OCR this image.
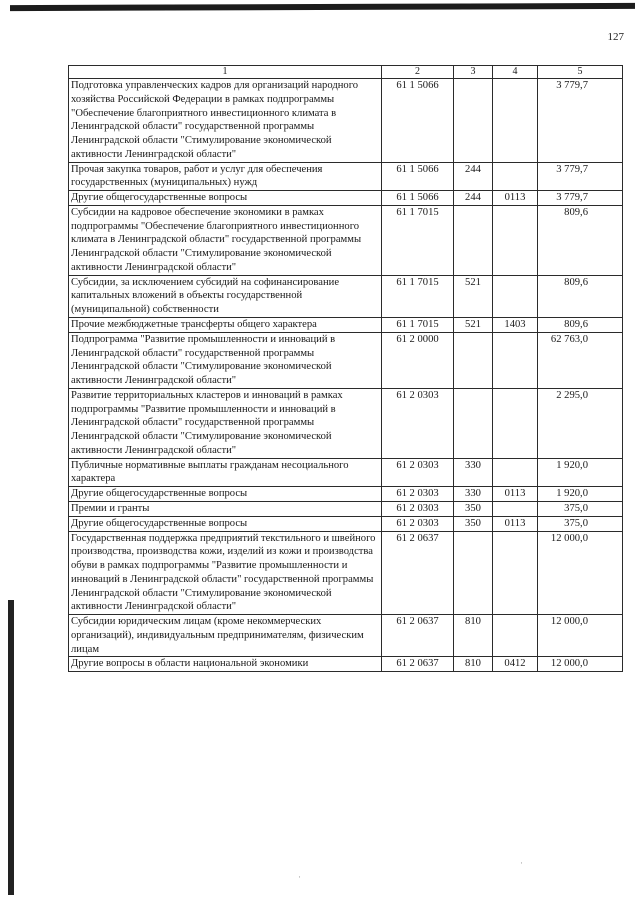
127
1	2	3	4	5
Подготовка управленческих кадров для организаций народного хозяйства Российской Федерации в рамках подпрограммы "Обеспечение благоприятного инвестиционного климата в Ленинградской области" государственной программы Ленинградской области "Стимулирование экономической активности Ленинградской области"	61 1 5066			3 779,7
Прочая закупка товаров, работ и услуг для обеспечения государственных (муниципальных) нужд	61 1 5066	244		3 779,7
Другие общегосударственные вопросы	61 1 5066	244	0113	3 779,7
Субсидии на кадровое обеспечение экономики в рамках подпрограммы "Обеспечение благоприятного инвестиционного климата в Ленинградской области" государственной программы Ленинградской области "Стимулирование экономической активности Ленинградской области"	61 1 7015			809,6
Субсидии, за исключением субсидий на софинансирование капитальных вложений в объекты государственной (муниципальной) собственности	61 1 7015	521		809,6
Прочие межбюджетные трансферты общего характера	61 1 7015	521	1403	809,6
Подпрограмма "Развитие промышленности и инноваций в Ленинградской области" государственной программы Ленинградской области "Стимулирование экономической активности Ленинградской области"	61 2 0000			62 763,0
Развитие территориальных кластеров и инноваций в рамках подпрограммы "Развитие промышленности и инноваций в Ленинградской области" государственной программы Ленинградской области "Стимулирование экономической активности Ленинградской области"	61 2 0303			2 295,0
Публичные нормативные выплаты гражданам несоциального характера	61 2 0303	330		1 920,0
Другие общегосударственные вопросы	61 2 0303	330	0113	1 920,0
Премии и гранты	61 2 0303	350		375,0
Другие общегосударственные вопросы	61 2 0303	350	0113	375,0
Государственная поддержка предприятий текстильного и швейного производства, производства кожи, изделий из кожи и производства обуви в рамках подпрограммы "Развитие промышленности и инноваций в Ленинградской области" государственной программы Ленинградской области "Стимулирование экономической активности Ленинградской области"	61 2 0637			12 000,0
Субсидии юридическим лицам (кроме некоммерческих организаций), индивидуальным предпринимателям, физическим лицам	61 2 0637	810		12 000,0
Другие вопросы в области национальной экономики	61 2 0637	810	0412	12 000,0
·
·
